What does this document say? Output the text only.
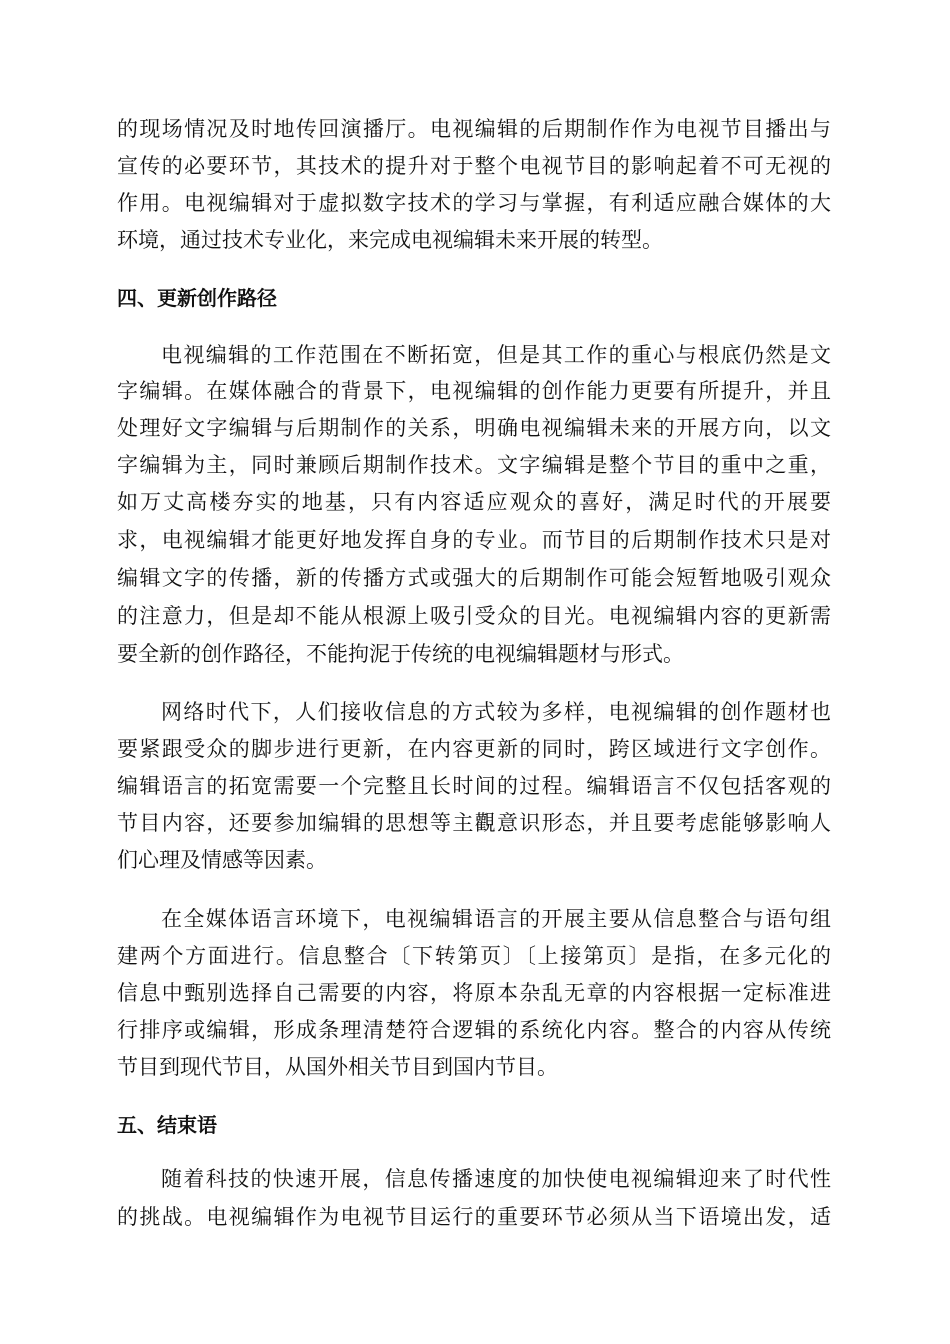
的现场情况及时地传回演播厅。电视编辑的后期制作作为电视节目播出与
宣传的必要环节，其技术的提升对于整个电视节目的影响起着不可无视的
作用。电视编辑对于虚拟数字技术的学习与掌握，有利适应融合媒体的大
环境，通过技术专业化，来完成电视编辑未来开展的转型。
四、更新创作路径
电视编辑的工作范围在不断拓宽，但是其工作的重心与根底仍然是文
字编辑。在媒体融合的背景下，电视编辑的创作能力更要有所提升，并且
处理好文字编辑与后期制作的关系，明确电视编辑未来的开展方向，以文
字编辑为主，同时兼顾后期制作技术。文字编辑是整个节目的重中之重，
如万丈高楼夯实的地基，只有内容适应观众的喜好，满足时代的开展要
求，电视编辑才能更好地发挥自身的专业。而节目的后期制作技术只是对
编辑文字的传播，新的传播方式或强大的后期制作可能会短暂地吸引观众
的注意力，但是却不能从根源上吸引受众的目光。电视编辑内容的更新需
要全新的创作路径，不能拘泥于传统的电视编辑题材与形式。
网络时代下，人们接收信息的方式较为多样，电视编辑的创作题材也
要紧跟受众的脚步进行更新，在内容更新的同时，跨区域进行文字创作。
编辑语言的拓宽需要一个完整且长时间的过程。编辑语言不仅包括客观的
节目内容，还要参加编辑的思想等主觀意识形态，并且要考虑能够影响人
们心理及情感等因素。
在全媒体语言环境下，电视编辑语言的开展主要从信息整合与语句组
建两个方面进行。信息整合〔下转第页〕〔上接第页〕是指，在多元化的
信息中甄别选择自己需要的内容，将原本杂乱无章的内容根据一定标准进
行排序或编辑，形成条理清楚符合逻辑的系统化内容。整合的内容从传统
节目到现代节目，从国外相关节目到国内节目。
五、结束语
随着科技的快速开展，信息传播速度的加快使电视编辑迎来了时代性
的挑战。电视编辑作为电视节目运行的重要环节必须从当下语境出发，适
